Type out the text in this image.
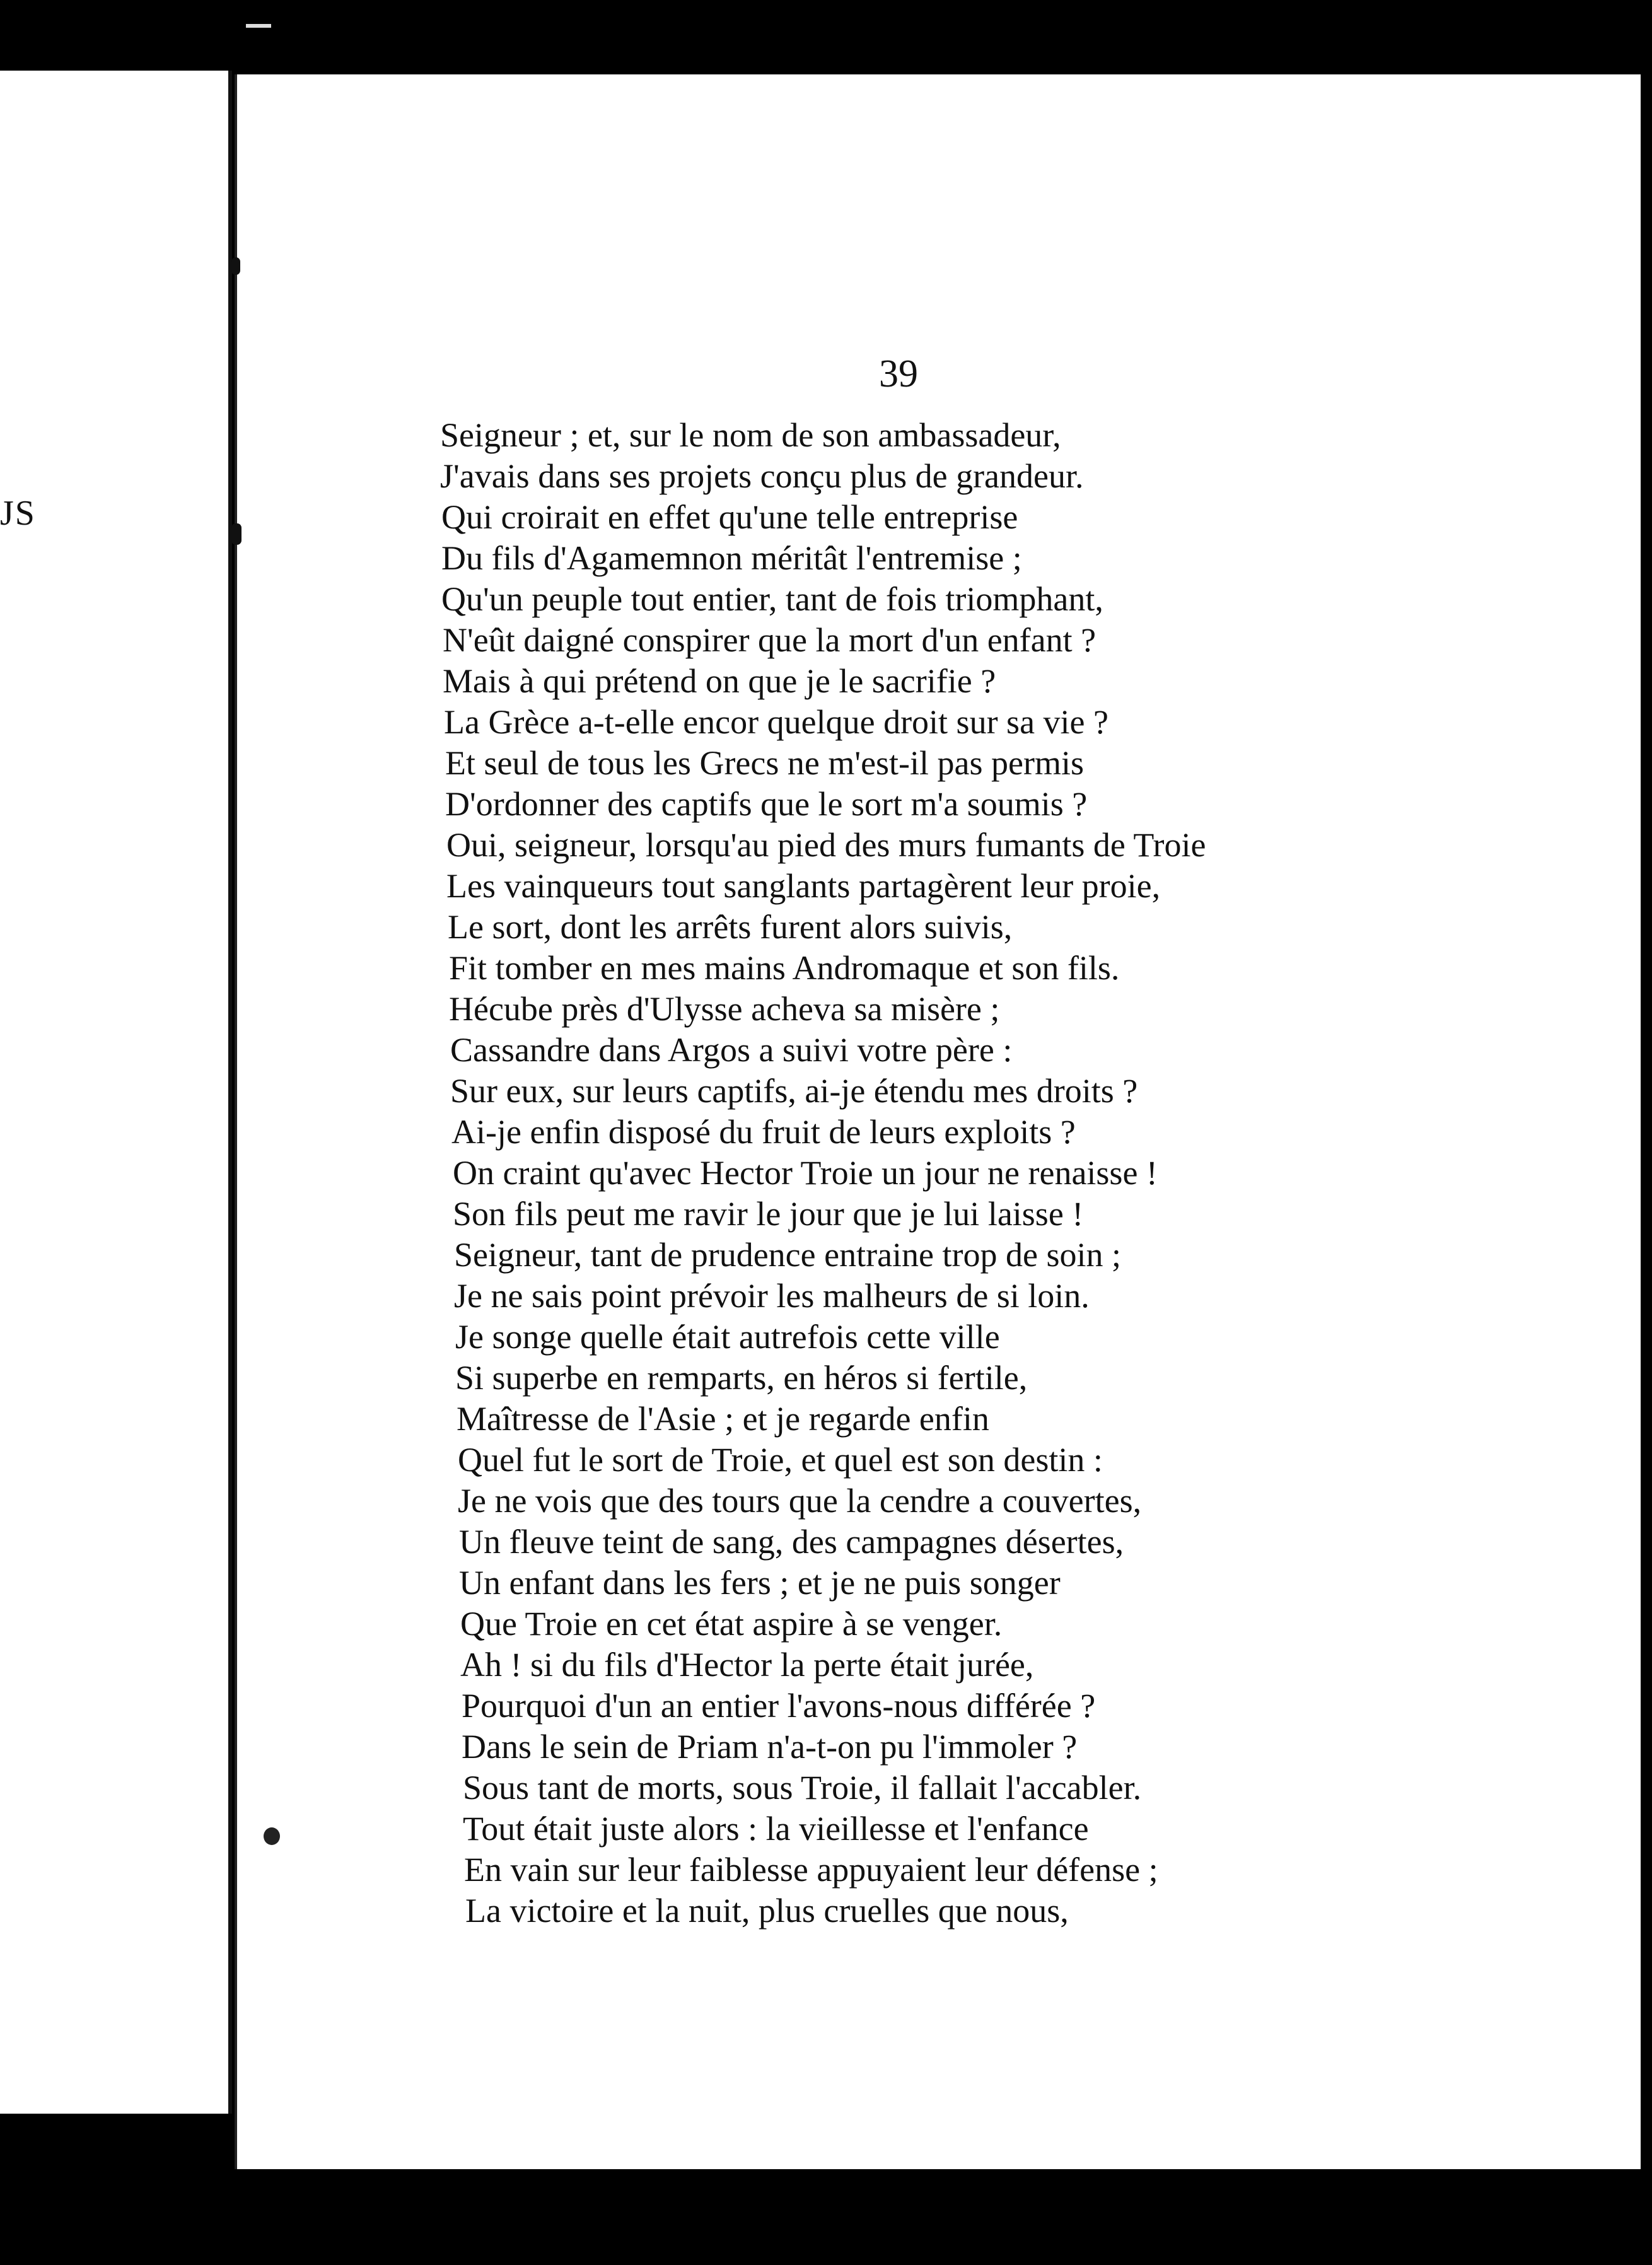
JS
39
Seigneur ; et, sur le nom de son ambassadeur,
J'avais dans ses projets conçu plus de grandeur.
Qui croirait en effet qu'une telle entreprise
Du fils d'Agamemnon méritât l'entremise ;
Qu'un peuple tout entier, tant de fois triomphant,
N'eût daigné conspirer que la mort d'un enfant ?
Mais à qui prétend on que je le sacrifie ?
La Grèce a-t-elle encor quelque droit sur sa vie ?
Et seul de tous les Grecs ne m'est-il pas permis
D'ordonner des captifs que le sort m'a soumis ?
Oui, seigneur, lorsqu'au pied des murs fumants de Troie
Les vainqueurs tout sanglants partagèrent leur proie,
Le sort, dont les arrêts furent alors suivis,
Fit tomber en mes mains Andromaque et son fils.
Hécube près d'Ulysse acheva sa misère ;
Cassandre dans Argos a suivi votre père :
Sur eux, sur leurs captifs, ai-je étendu mes droits ?
Ai-je enfin disposé du fruit de leurs exploits ?
On craint qu'avec Hector Troie un jour ne renaisse !
Son fils peut me ravir le jour que je lui laisse !
Seigneur, tant de prudence entraine trop de soin ;
Je ne sais point prévoir les malheurs de si loin.
Je songe quelle était autrefois cette ville
Si superbe en remparts, en héros si fertile,
Maîtresse de l'Asie ; et je regarde enfin
Quel fut le sort de Troie, et quel est son destin :
Je ne vois que des tours que la cendre a couvertes,
Un fleuve teint de sang, des campagnes désertes,
Un enfant dans les fers ; et je ne puis songer
Que Troie en cet état aspire à se venger.
Ah ! si du fils d'Hector la perte était jurée,
Pourquoi d'un an entier l'avons-nous différée ?
Dans le sein de Priam n'a-t-on pu l'immoler ?
Sous tant de morts, sous Troie, il fallait l'accabler.
Tout était juste alors : la vieillesse et l'enfance
En vain sur leur faiblesse appuyaient leur défense ;
La victoire et la nuit, plus cruelles que nous,
